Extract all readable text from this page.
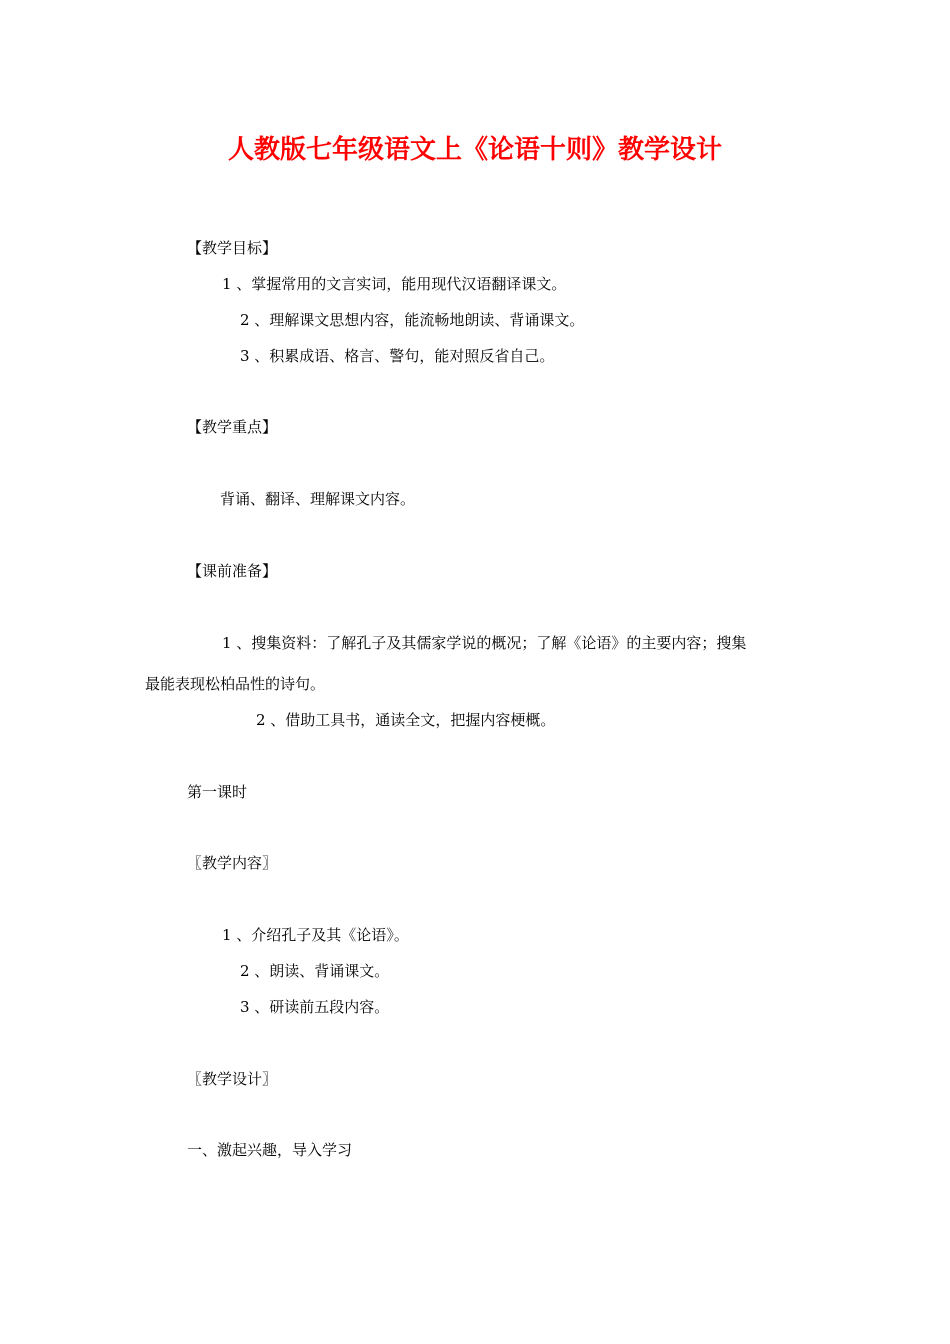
人教版七年级语文上《论语十则》教学设计
【教学目标】
1 、掌握常用的文言实词，能用现代汉语翻译课文。
2 、理解课文思想内容，能流畅地朗读、背诵课文。
3 、积累成语、格言、警句，能对照反省自己。
【教学重点】
背诵、翻译、理解课文内容。
【课前准备】
1 、搜集资料：了解孔子及其儒家学说的概况；了解《论语》的主要内容；搜集
最能表现松柏品性的诗句。
2 、借助工具书，通读全文，把握内容梗概。
第一课时
〖教学内容〗
1 、介绍孔子及其《论语》。
2 、朗读、背诵课文。
3 、研读前五段内容。
〖教学设计〗
一、激起兴趣，导入学习
